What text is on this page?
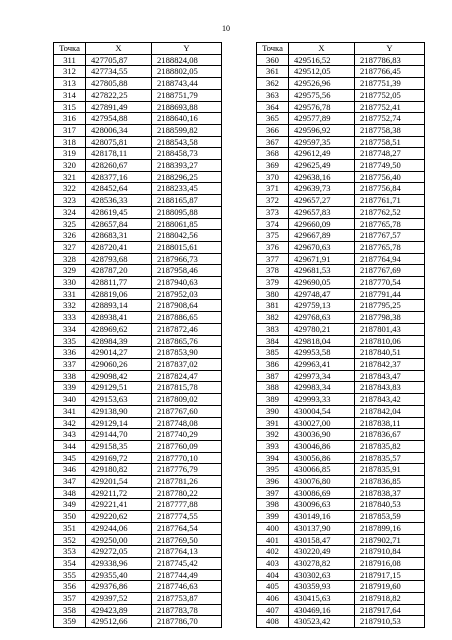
10
Точка	X	Y
311	427705,87	2188824,08
312	427734,55	2188802,05
313	427805,88	2188743,44
314	427822,25	2188751,79
315	427891,49	2188693,88
316	427954,88	2188640,16
317	428006,34	2188599,82
318	428075,81	2188543,58
319	428178,11	2188458,73
320	428260,67	2188393,27
321	428377,16	2188296,25
322	428452,64	2188233,45
323	428536,33	2188165,87
324	428619,45	2188095,88
325	428657,84	2188061,85
326	428683,31	2188042,56
327	428720,41	2188015,61
328	428793,68	2187966,73
329	428787,20	2187958,46
330	428811,77	2187940,63
331	428819,06	2187952,03
332	428893,14	2187908,64
333	428938,41	2187886,65
334	428969,62	2187872,46
335	428984,39	2187865,76
336	429014,27	2187853,90
337	429060,26	2187837,02
338	429098,42	2187824,47
339	429129,51	2187815,78
340	429153,63	2187809,02
341	429138,90	2187767,60
342	429129,14	2187748,08
343	429144,70	2187740,29
344	429158,35	2187760,09
345	429169,72	2187770,10
346	429180,82	2187776,79
347	429201,54	2187781,26
348	429211,72	2187780,22
349	429221,41	2187777,88
350	429220,62	2187774,55
351	429244,06	2187764,54
352	429250,00	2187769,50
353	429272,05	2187764,13
354	429338,96	2187745,42
355	429355,40	2187744,49
356	429376,86	2187746,63
357	429397,52	2187753,87
358	429423,89	2187783,78
359	429512,66	2187786,70
Точка	X	Y
360	429516,52	2187786,83
361	429512,05	2187766,45
362	429526,96	2187751,39
363	429575,56	2187752,05
364	429576,78	2187752,41
365	429577,89	2187752,74
366	429596,92	2187758,38
367	429597,35	2187758,51
368	429612,49	2187748,27
369	429625,49	2187749,50
370	429638,16	2187756,40
371	429639,73	2187756,84
372	429657,27	2187761,71
373	429657,83	2187762,52
374	429660,09	2187765,78
375	429667,89	2187767,57
376	429670,63	2187765,78
377	429671,91	2187764,94
378	429681,53	2187767,69
379	429690,05	2187770,54
380	429748,47	2187791,44
381	429759,13	2187795,25
382	429768,63	2187798,38
383	429780,21	2187801,43
384	429818,04	2187810,06
385	429953,58	2187840,51
386	429963,41	2187842,37
387	429973,34	2187843,47
388	429983,34	2187843,83
389	429993,33	2187843,42
390	430004,54	2187842,04
391	430027,00	2187838,11
392	430036,90	2187836,67
393	430046,86	2187835,82
394	430056,86	2187835,57
395	430066,85	2187835,91
396	430076,80	2187836,85
397	430086,69	2187838,37
398	430096,63	2187840,53
399	430149,16	2187853,59
400	430137,90	2187899,16
401	430158,47	2187902,71
402	430220,49	2187910,84
403	430278,82	2187916,08
404	430302,63	2187917,15
405	430359,93	2187919,60
406	430415,63	2187918,82
407	430469,16	2187917,64
408	430523,42	2187910,53
